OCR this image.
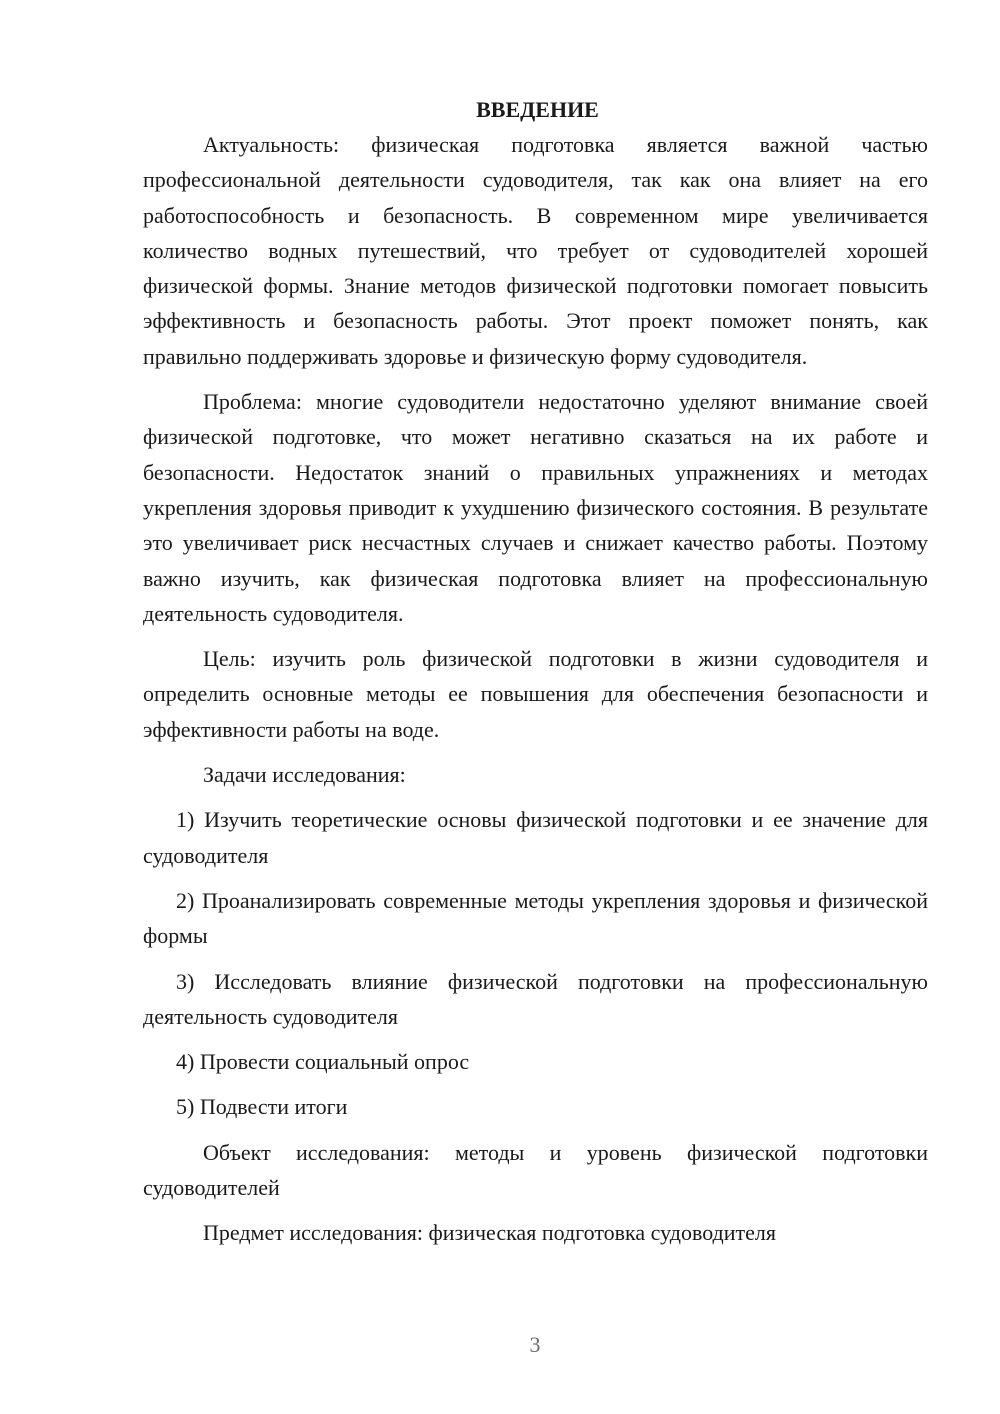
ВВЕДЕНИЕ

Актуальность: физическая подготовка является важной частью профессиональной деятельности судоводителя, так как она влияет на его работоспособность и безопасность. В современном мире увеличивается количество водных путешествий, что требует от судоводителей хорошей физической формы. Знание методов физической подготовки помогает повысить эффективность и безопасность работы. Этот проект поможет понять, как правильно поддерживать здоровье и физическую форму судоводителя.

Проблема: многие судоводители недостаточно уделяют внимание своей физической подготовке, что может негативно сказаться на их работе и безопасности. Недостаток знаний о правильных упражнениях и методах укрепления здоровья приводит к ухудшению физического состояния. В результате это увеличивает риск несчастных случаев и снижает качество работы. Поэтому важно изучить, как физическая подготовка влияет на профессиональную деятельность судоводителя.

Цель: изучить роль физической подготовки в жизни судоводителя и определить основные методы ее повышения для обеспечения безопасности и эффективности работы на воде.

Задачи исследования:

1) Изучить теоретические основы физической подготовки и ее значение для судоводителя

2) Проанализировать современные методы укрепления здоровья и физической формы

3) Исследовать влияние физической подготовки на профессиональную деятельность судоводителя

4) Провести социальный опрос

5) Подвести итоги

Объект исследования: методы и уровень физической подготовки судоводителей

Предмет исследования: физическая подготовка судоводителя

3
